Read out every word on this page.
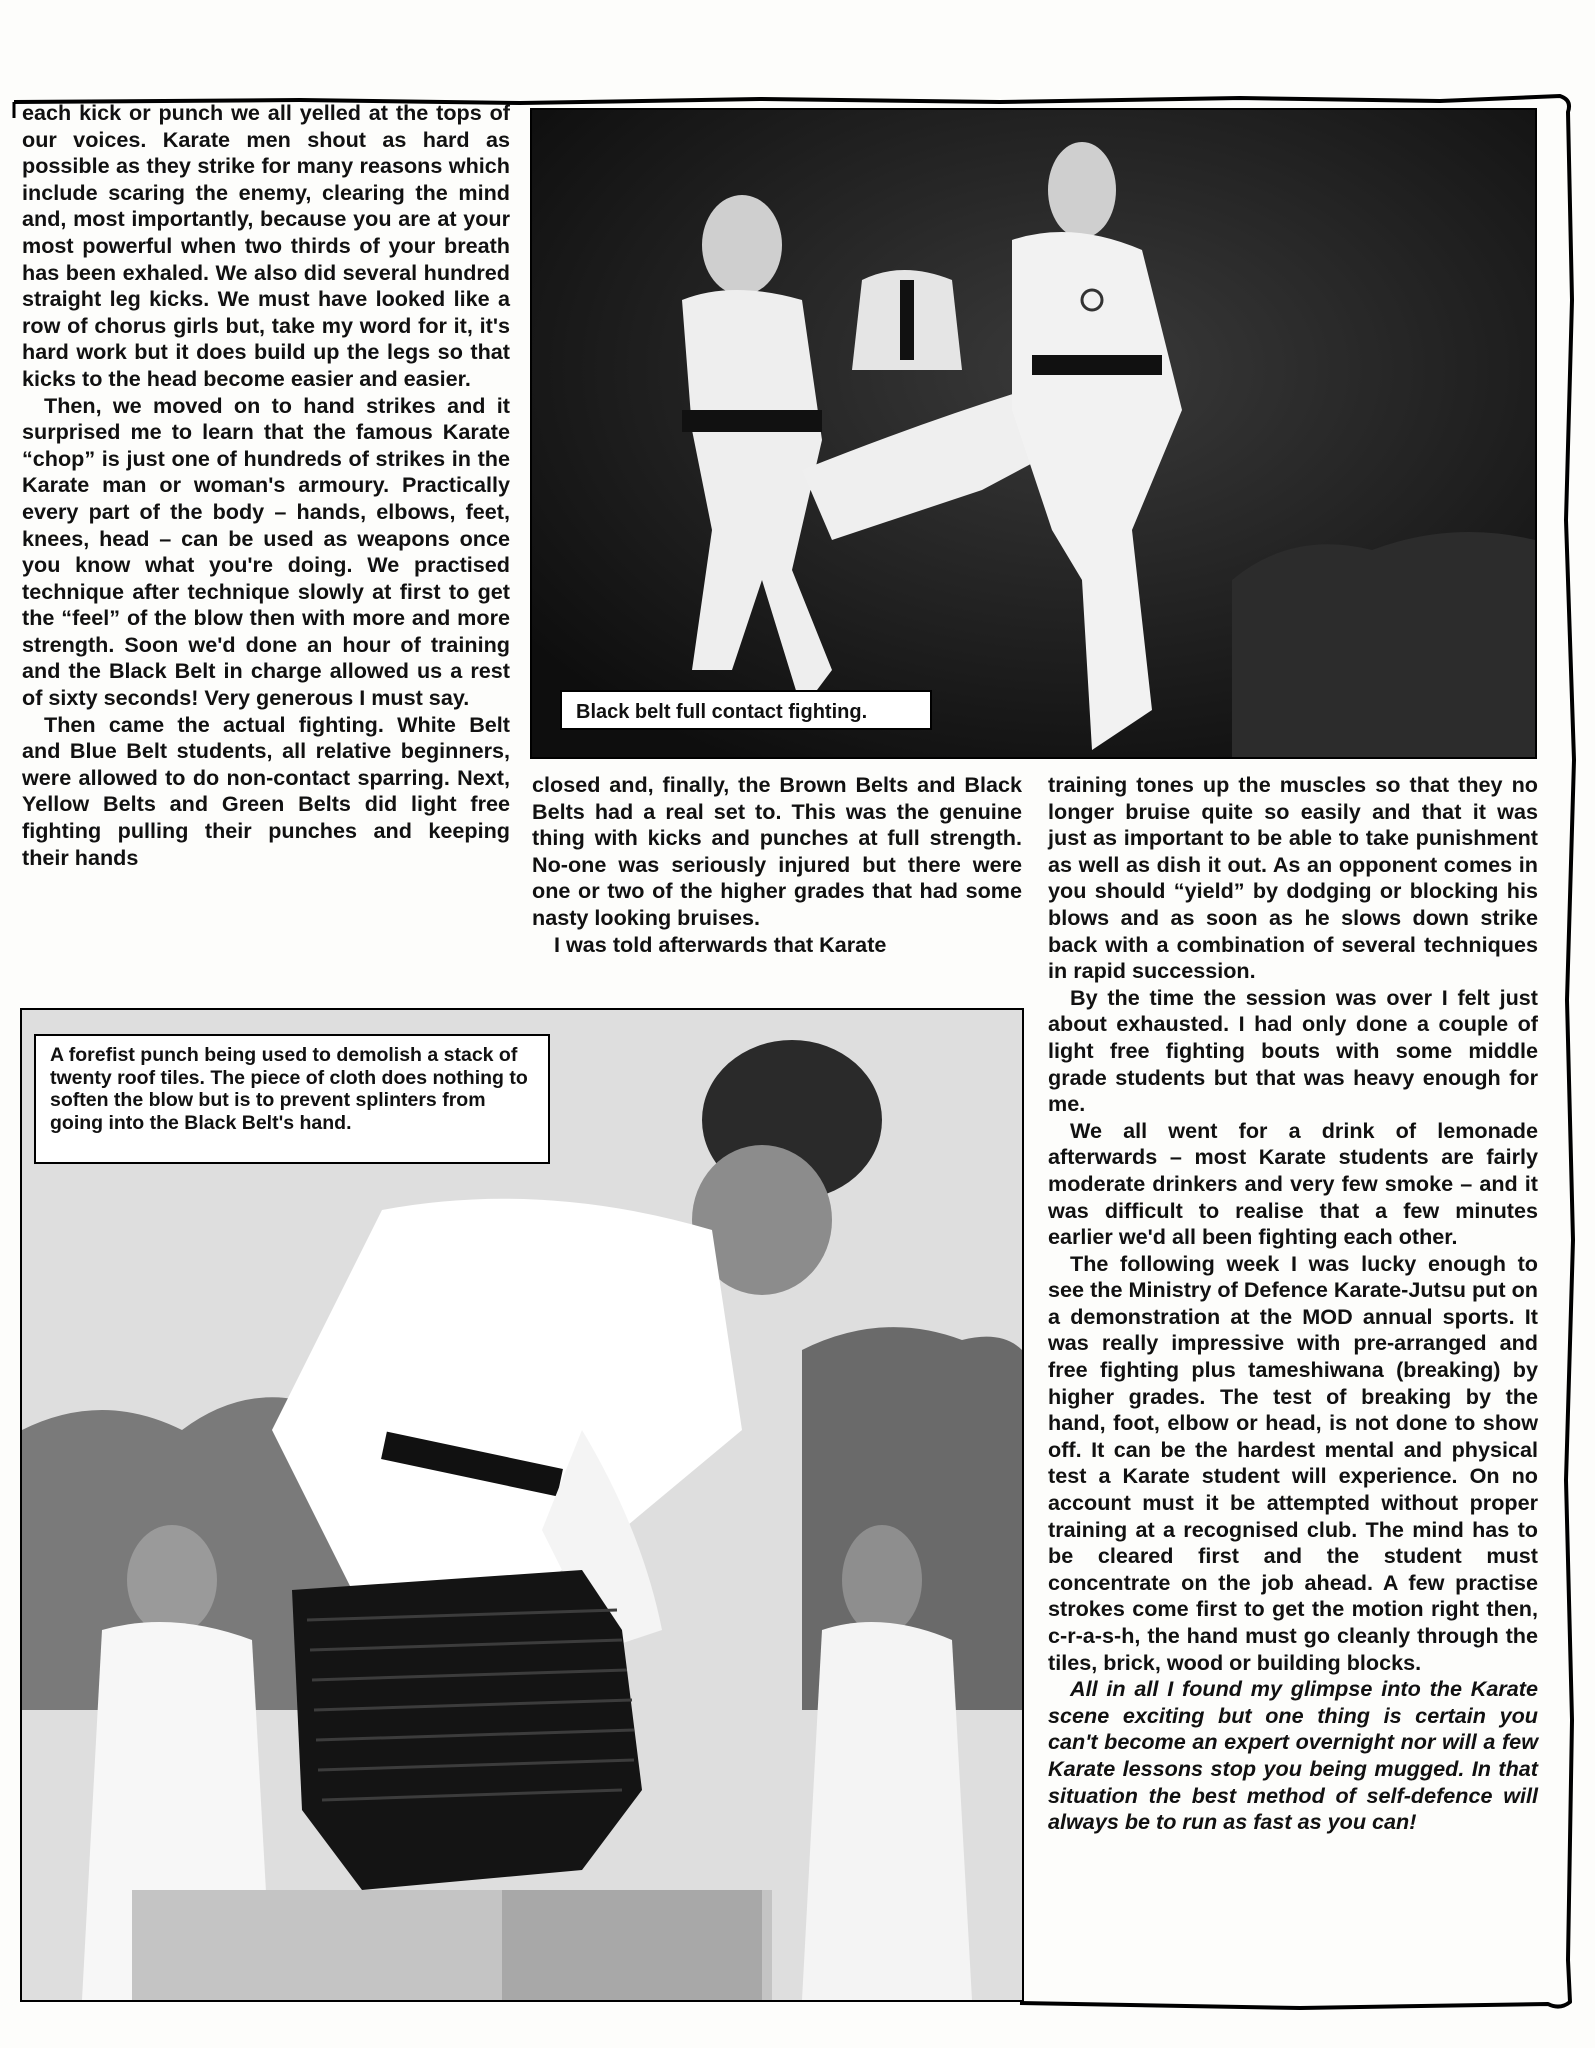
each kick or punch we all yelled at the tops of our voices. Karate men shout as hard as possible as they strike for many reasons which include scaring the enemy, clearing the mind and, most importantly, because you are at your most powerful when two thirds of your breath has been exhaled. We also did several hundred straight leg kicks. We must have looked like a row of chorus girls but, take my word for it, it's hard work but it does build up the legs so that kicks to the head become easier and easier.

Then, we moved on to hand strikes and it surprised me to learn that the famous Karate “chop” is just one of hundreds of strikes in the Karate man or woman's armoury. Practically every part of the body – hands, elbows, feet, knees, head – can be used as weapons once you know what you're doing. We practised technique after technique slowly at first to get the “feel” of the blow then with more and more strength. Soon we'd done an hour of training and the Black Belt in charge allowed us a rest of sixty seconds! Very generous I must say.

Then came the actual fighting. White Belt and Blue Belt students, all relative beginners, were allowed to do non-contact sparring. Next, Yellow Belts and Green Belts did light free fighting pulling their punches and keeping their hands

Black belt full contact fighting.

closed and, finally, the Brown Belts and Black Belts had a real set to. This was the genuine thing with kicks and punches at full strength. No-one was seriously injured but there were one or two of the higher grades that had some nasty looking bruises.

I was told afterwards that Karate

training tones up the muscles so that they no longer bruise quite so easily and that it was just as important to be able to take punishment as well as dish it out. As an opponent comes in you should “yield” by dodging or blocking his blows and as soon as he slows down strike back with a combination of several techniques in rapid succession.

By the time the session was over I felt just about exhausted. I had only done a couple of light free fighting bouts with some middle grade students but that was heavy enough for me.

We all went for a drink of lemonade afterwards – most Karate students are fairly moderate drinkers and very few smoke – and it was difficult to realise that a few minutes earlier we'd all been fighting each other.

The following week I was lucky enough to see the Ministry of Defence Karate-Jutsu put on a demonstration at the MOD annual sports. It was really impressive with pre-arranged and free fighting plus tameshiwana (breaking) by higher grades. The test of breaking by the hand, foot, elbow or head, is not done to show off. It can be the hardest mental and physical test a Karate student will experience. On no account must it be attempted without proper training at a recognised club. The mind has to be cleared first and the student must concentrate on the job ahead. A few practise strokes come first to get the motion right then, c-r-a-s-h, the hand must go cleanly through the tiles, brick, wood or building blocks.

All in all I found my glimpse into the Karate scene exciting but one thing is certain you can't become an expert overnight nor will a few Karate lessons stop you being mugged. In that situation the best method of self-defence will always be to run as fast as you can!

A forefist punch being used to demolish a stack of twenty roof tiles. The piece of cloth does nothing to soften the blow but is to prevent splinters from going into the Black Belt's hand.
